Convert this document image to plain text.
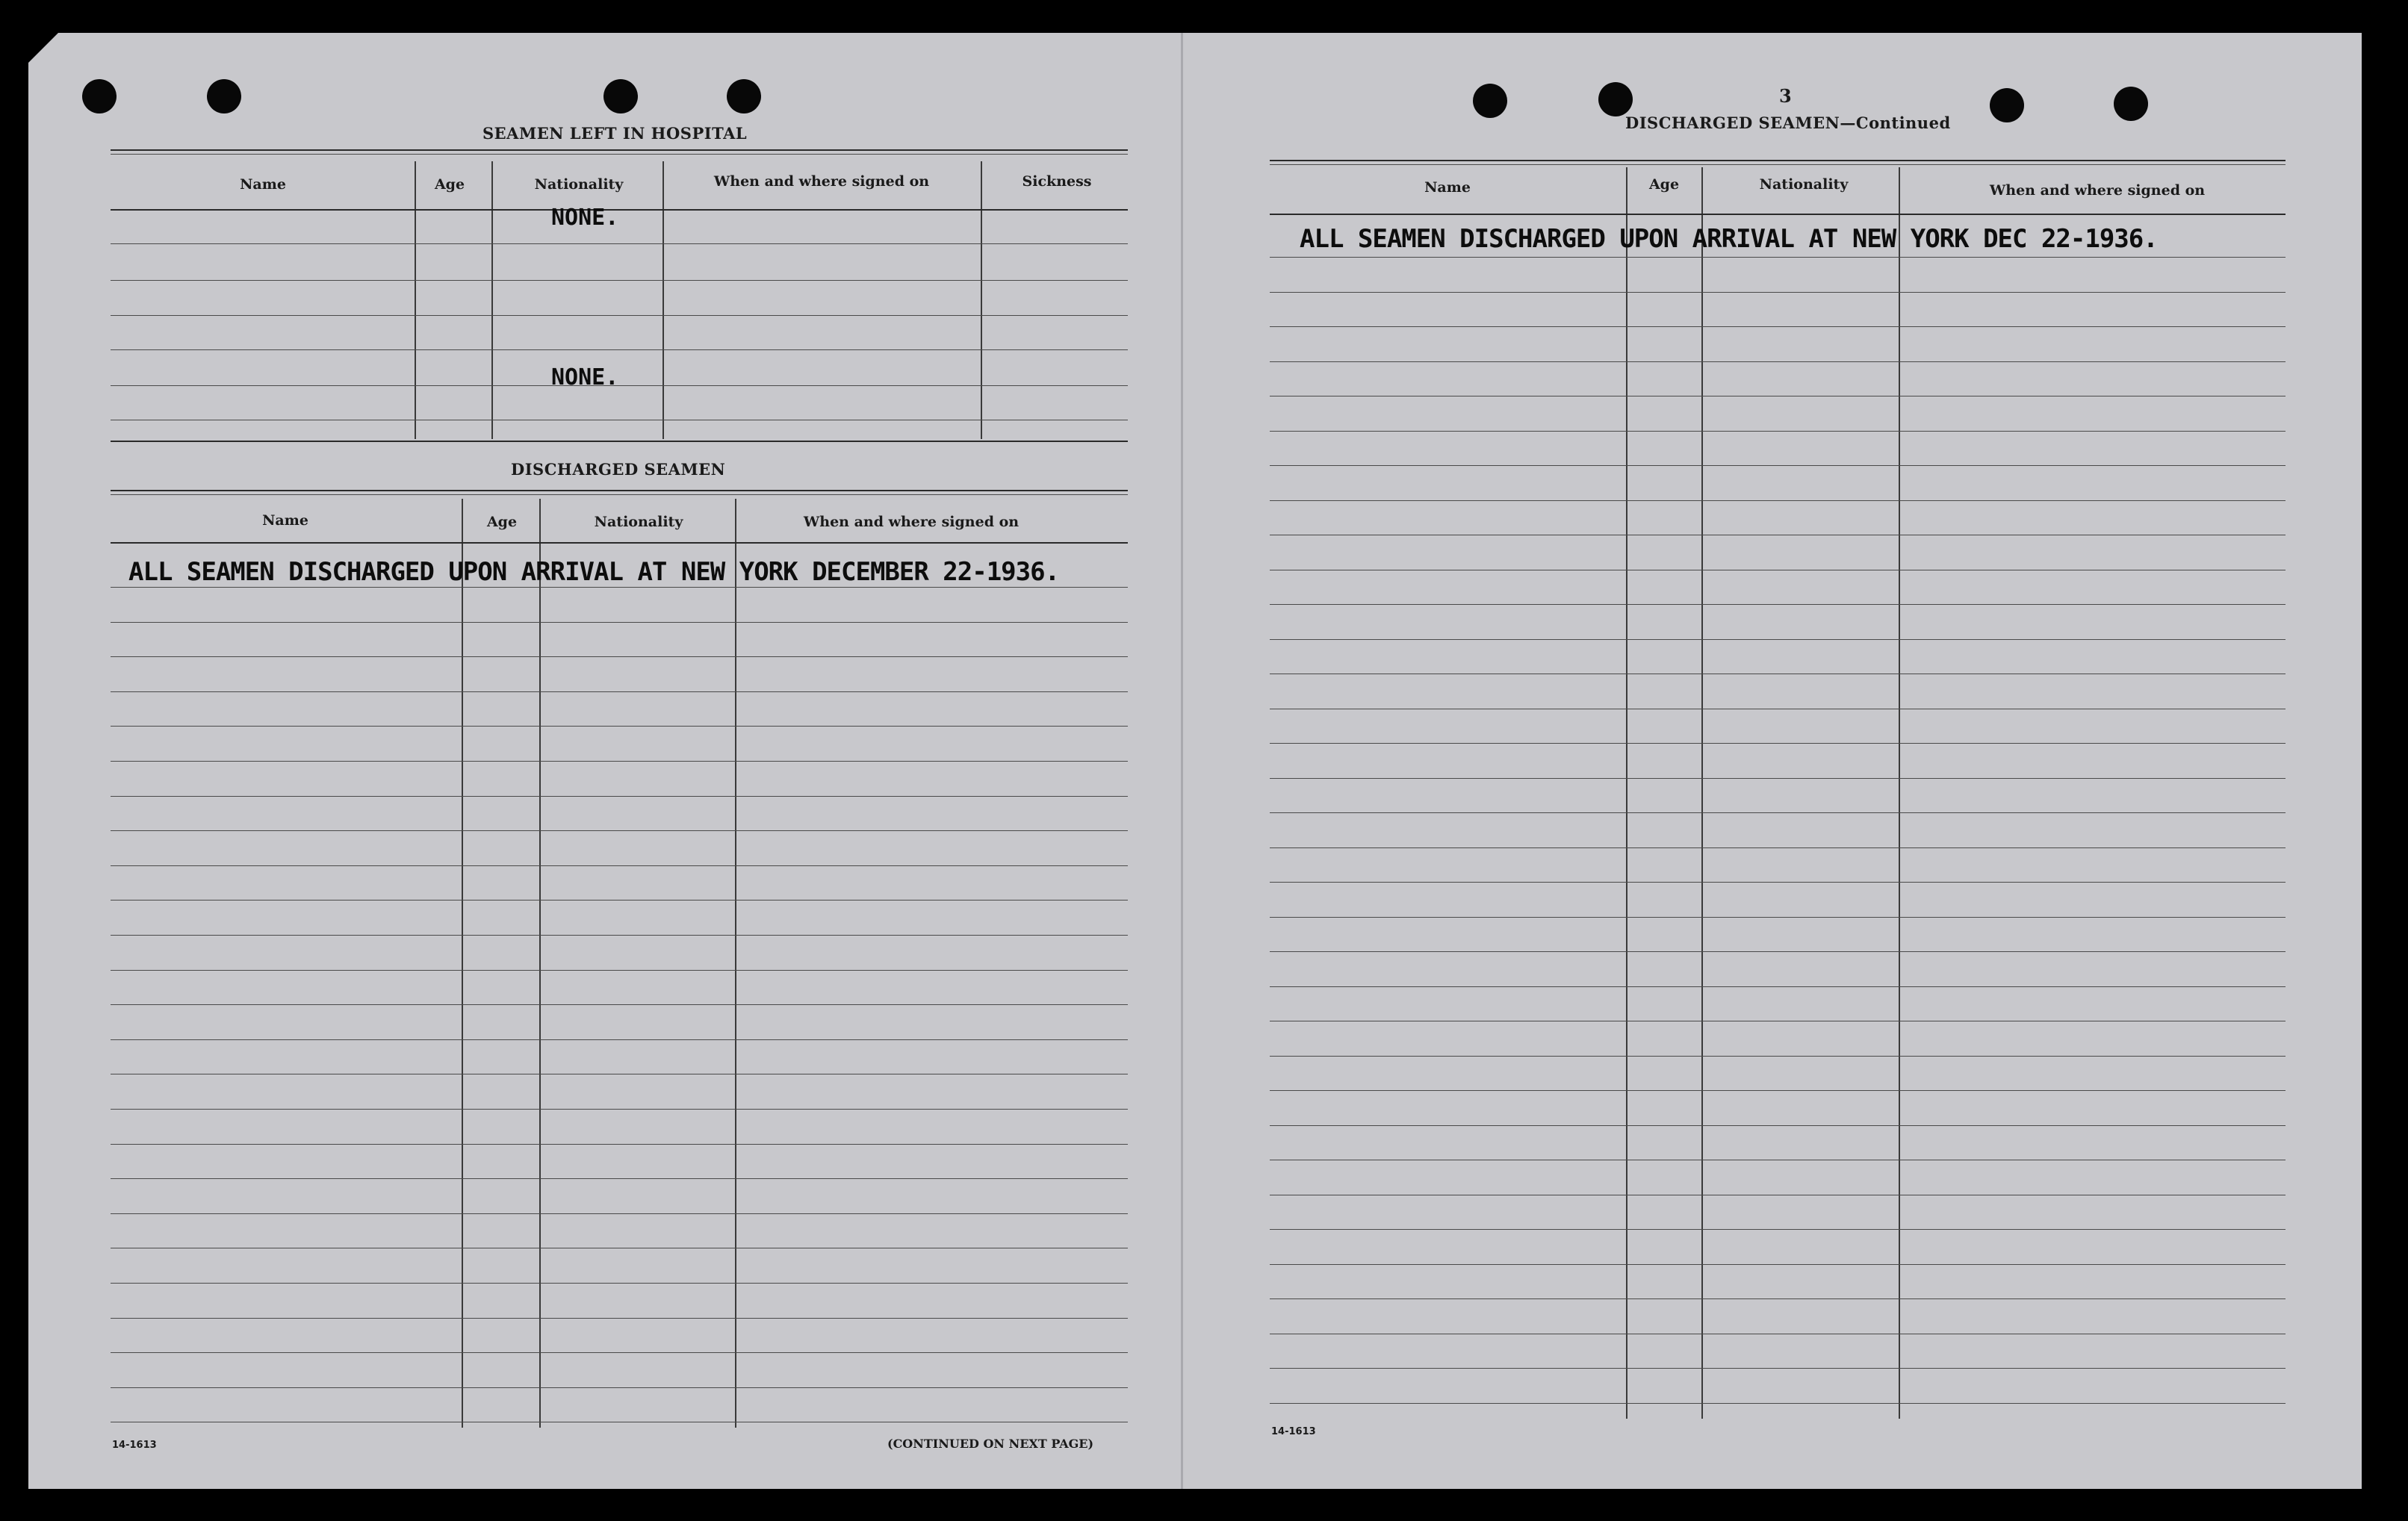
SEAMEN LEFT IN HOSPITAL
Name	Age	Nationality	When and where signed on	Sickness
NONE.
NONE.
DISCHARGED SEAMEN
Name	Age	Nationality	When and where signed on
ALL SEAMEN DISCHARGED UPON ARRIVAL AT NEW YORK DECEMBER 22-1936.
14-1613	(CONTINUED ON NEXT PAGE)
3
DISCHARGED SEAMEN—Continued
Name	Age	Nationality	When and where signed on
ALL SEAMEN DISCHARGED UPON ARRIVAL AT NEW YORK DEC 22-1936.
14-1613
